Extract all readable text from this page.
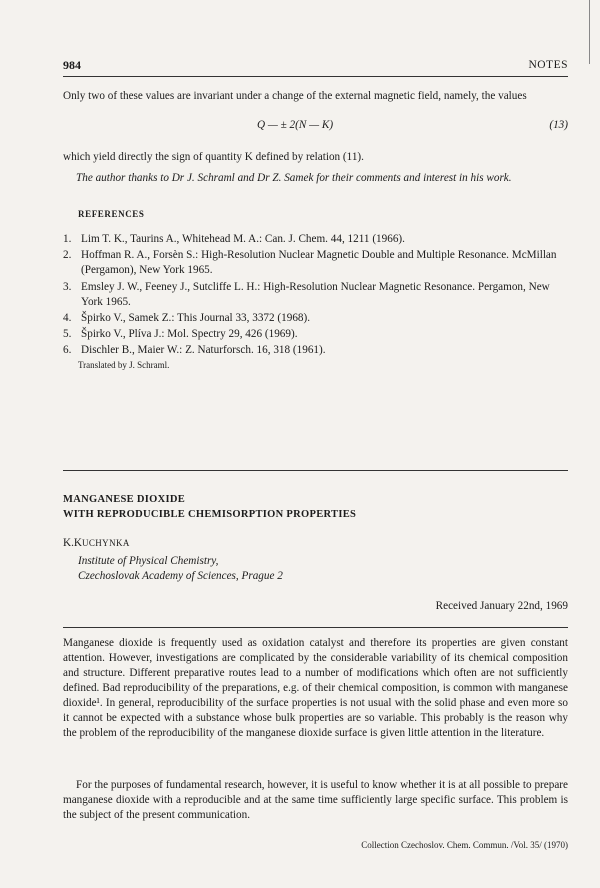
984	NOTES

Only two of these values are invariant under a change of the external magnetic field, namely, the values

Q — ± 2(N — K)	(13)

which yield directly the sign of quantity K defined by relation (11).

The author thanks to Dr J. Schraml and Dr Z. Samek for their comments and interest in his work.

REFERENCES
1. Lim T. K., Taurins A., Whitehead M. A.: Can. J. Chem. 44, 1211 (1966).
2. Hoffman R. A., Forsèn S.: High-Resolution Nuclear Magnetic Double and Multiple Resonance. McMillan (Pergamon), New York 1965.
3. Emsley J. W., Feeney J., Sutcliffe L. H.: High-Resolution Nuclear Magnetic Resonance. Pergamon, New York 1965.
4. Špirko V., Samek Z.: This Journal 33, 3372 (1968).
5. Špirko V., Plíva J.: Mol. Spectry 29, 426 (1969).
6. Dischler B., Maier W.: Z. Naturforsch. 16, 318 (1961).
Translated by J. Schraml.
MANGANESE DIOXIDE
WITH REPRODUCIBLE CHEMISORPTION PROPERTIES
K.KUCHYNKA
Institute of Physical Chemistry,
Czechoslovak Academy of Sciences, Prague 2
Received January 22nd, 1969

Manganese dioxide is frequently used as oxidation catalyst and therefore its properties are given constant attention. However, investigations are complicated by the considerable variability of its chemical composition and structure. Different preparative routes lead to a number of modifications which often are not sufficiently defined. Bad reproducibility of the preparations, e.g. of their chemical composition, is common with manganese dioxide¹. In general, reproducibility of the surface properties is not usual with the solid phase and even more so it cannot be expected with a substance whose bulk properties are so variable. This probably is the reason why the problem of the reproducibility of the manganese dioxide surface is given little attention in the literature.

For the purposes of fundamental research, however, it is useful to know whether it is at all possible to prepare manganese dioxide with a reproducible and at the same time sufficiently large specific surface. This problem is the subject of the present communication.

Collection Czechoslov. Chem. Commun. /Vol. 35/ (1970)
